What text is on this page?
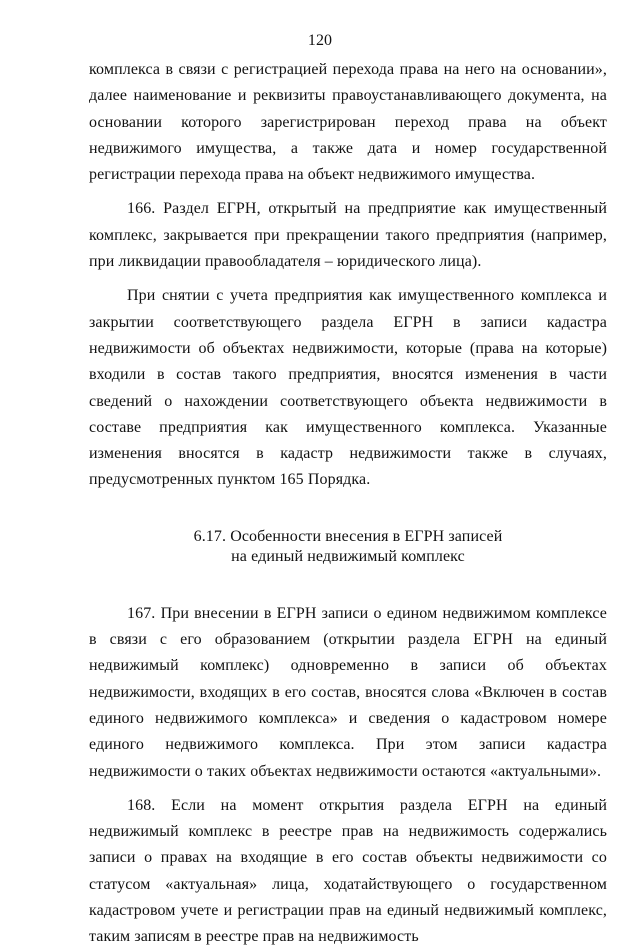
120

комплекса в связи с регистрацией перехода права на него на основании», далее наименование и реквизиты правоустанавливающего документа, на основании которого зарегистрирован переход права на объект недвижимого имущества, а также дата и номер государственной регистрации перехода права на объект недвижимого имущества.

166. Раздел ЕГРН, открытый на предприятие как имущественный комплекс, закрывается при прекращении такого предприятия (например, при ликвидации правообладателя – юридического лица).

При снятии с учета предприятия как имущественного комплекса и закрытии соответствующего раздела ЕГРН в записи кадастра недвижимости об объектах недвижимости, которые (права на которые) входили в состав такого предприятия, вносятся изменения в части сведений о нахождении соответствующего объекта недвижимости в составе предприятия как имущественного комплекса. Указанные изменения вносятся в кадастр недвижимости также в случаях, предусмотренных пунктом 165 Порядка.

6.17. Особенности внесения в ЕГРН записей
на единый недвижимый комплекс

167. При внесении в ЕГРН записи о едином недвижимом комплексе в связи с его образованием (открытии раздела ЕГРН на единый недвижимый комплекс) одновременно в записи об объектах недвижимости, входящих в его состав, вносятся слова «Включен в состав единого недвижимого комплекса» и сведения о кадастровом номере единого недвижимого комплекса. При этом записи кадастра недвижимости о таких объектах недвижимости остаются «актуальными».

168. Если на момент открытия раздела ЕГРН на единый недвижимый комплекс в реестре прав на недвижимость содержались записи о правах на входящие в его состав объекты недвижимости со статусом «актуальная» лица, ходатайствующего о государственном кадастровом учете и регистрации прав на единый недвижимый комплекс, таким записям в реестре прав на недвижимость
